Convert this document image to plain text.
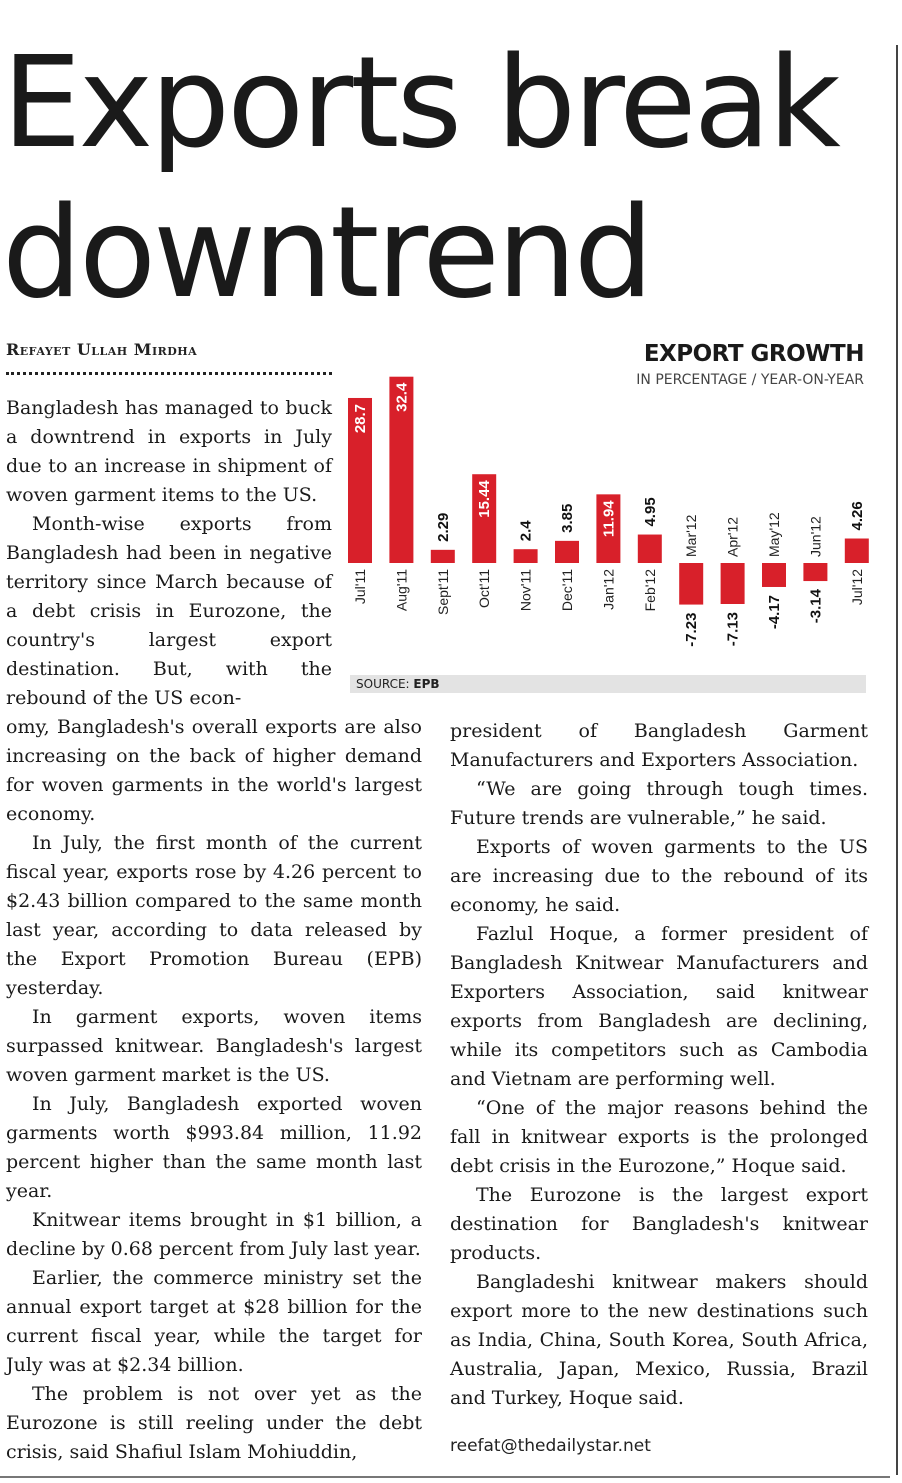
Exports break
downtrend
Refayet Ullah Mirdha

Bangladesh has managed to buck a downtrend in exports in July due to an increase in shipment of woven garment items to the US.

Month-wise exports from Bangladesh had been in negative territory since March because of a debt crisis in Eurozone, the country's largest export destination. But, with the rebound of the US econ-

omy, Bangladesh's overall exports are also increasing on the back of higher demand for woven garments in the world's largest economy.

In July, the first month of the current fiscal year, exports rose by 4.26 percent to $2.43 billion compared to the same month last year, according to data released by the Export Promotion Bureau (EPB) yesterday.

In garment exports, woven items surpassed knitwear. Bangladesh's largest woven garment market is the US.

In July, Bangladesh exported woven garments worth $993.84 million, 11.92 percent higher than the same month last year.

Knitwear items brought in $1 billion, a decline by 0.68 percent from July last year.

Earlier, the commerce ministry set the annual export target at $28 billion for the current fiscal year, while the target for July was at $2.34 billion.

The problem is not over yet as the Eurozone is still reeling under the debt crisis, said Shafiul Islam Mohiuddin,

president of Bangladesh Garment Manufacturers and Exporters Association.

“We are going through tough times. Future trends are vulnerable,” he said.

Exports of woven garments to the US are increasing due to the rebound of its economy, he said.

Fazlul Hoque, a former president of Bangladesh Knitwear Manufacturers and Exporters Association, said knitwear exports from Bangladesh are declining, while its competitors such as Cambodia and Vietnam are performing well.

“One of the major reasons behind the fall in knitwear exports is the prolonged debt crisis in the Eurozone,” Hoque said.

The Eurozone is the largest export destination for Bangladesh's knitwear products.

Bangladeshi knitwear makers should export more to the new destinations such as India, China, South Korea, South Africa, Australia, Japan, Mexico, Russia, Brazil and Turkey, Hoque said.

reefat@thedailystar.net
EXPORT GROWTH
IN PERCENTAGE / YEAR-ON-YEAR
28.7
Jul'11
32.4
Aug'11
2.29
Sept'11
15.44
Oct'11
2.4
Nov'11
3.85
Dec'11
11.94
Jan'12
4.95
Feb'12
-7.23
Mar'12
-7.13
Apr'12
-4.17
May'12
-3.14
Jun'12
4.26
Jul'12
SOURCE: EPB
